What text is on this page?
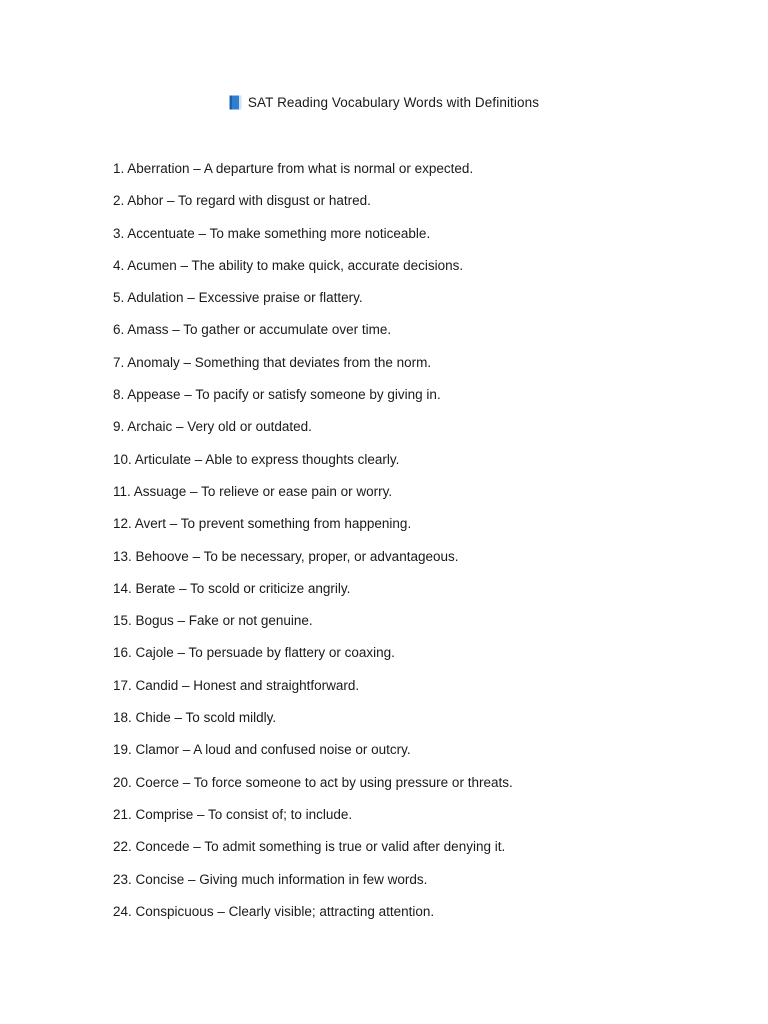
SAT Reading Vocabulary Words with Definitions
1. Aberration – A departure from what is normal or expected.
2. Abhor – To regard with disgust or hatred.
3. Accentuate – To make something more noticeable.
4. Acumen – The ability to make quick, accurate decisions.
5. Adulation – Excessive praise or flattery.
6. Amass – To gather or accumulate over time.
7. Anomaly – Something that deviates from the norm.
8. Appease – To pacify or satisfy someone by giving in.
9. Archaic – Very old or outdated.
10. Articulate – Able to express thoughts clearly.
11. Assuage – To relieve or ease pain or worry.
12. Avert – To prevent something from happening.
13. Behoove – To be necessary, proper, or advantageous.
14. Berate – To scold or criticize angrily.
15. Bogus – Fake or not genuine.
16. Cajole – To persuade by flattery or coaxing.
17. Candid – Honest and straightforward.
18. Chide – To scold mildly.
19. Clamor – A loud and confused noise or outcry.
20. Coerce – To force someone to act by using pressure or threats.
21. Comprise – To consist of; to include.
22. Concede – To admit something is true or valid after denying it.
23. Concise – Giving much information in few words.
24. Conspicuous – Clearly visible; attracting attention.
